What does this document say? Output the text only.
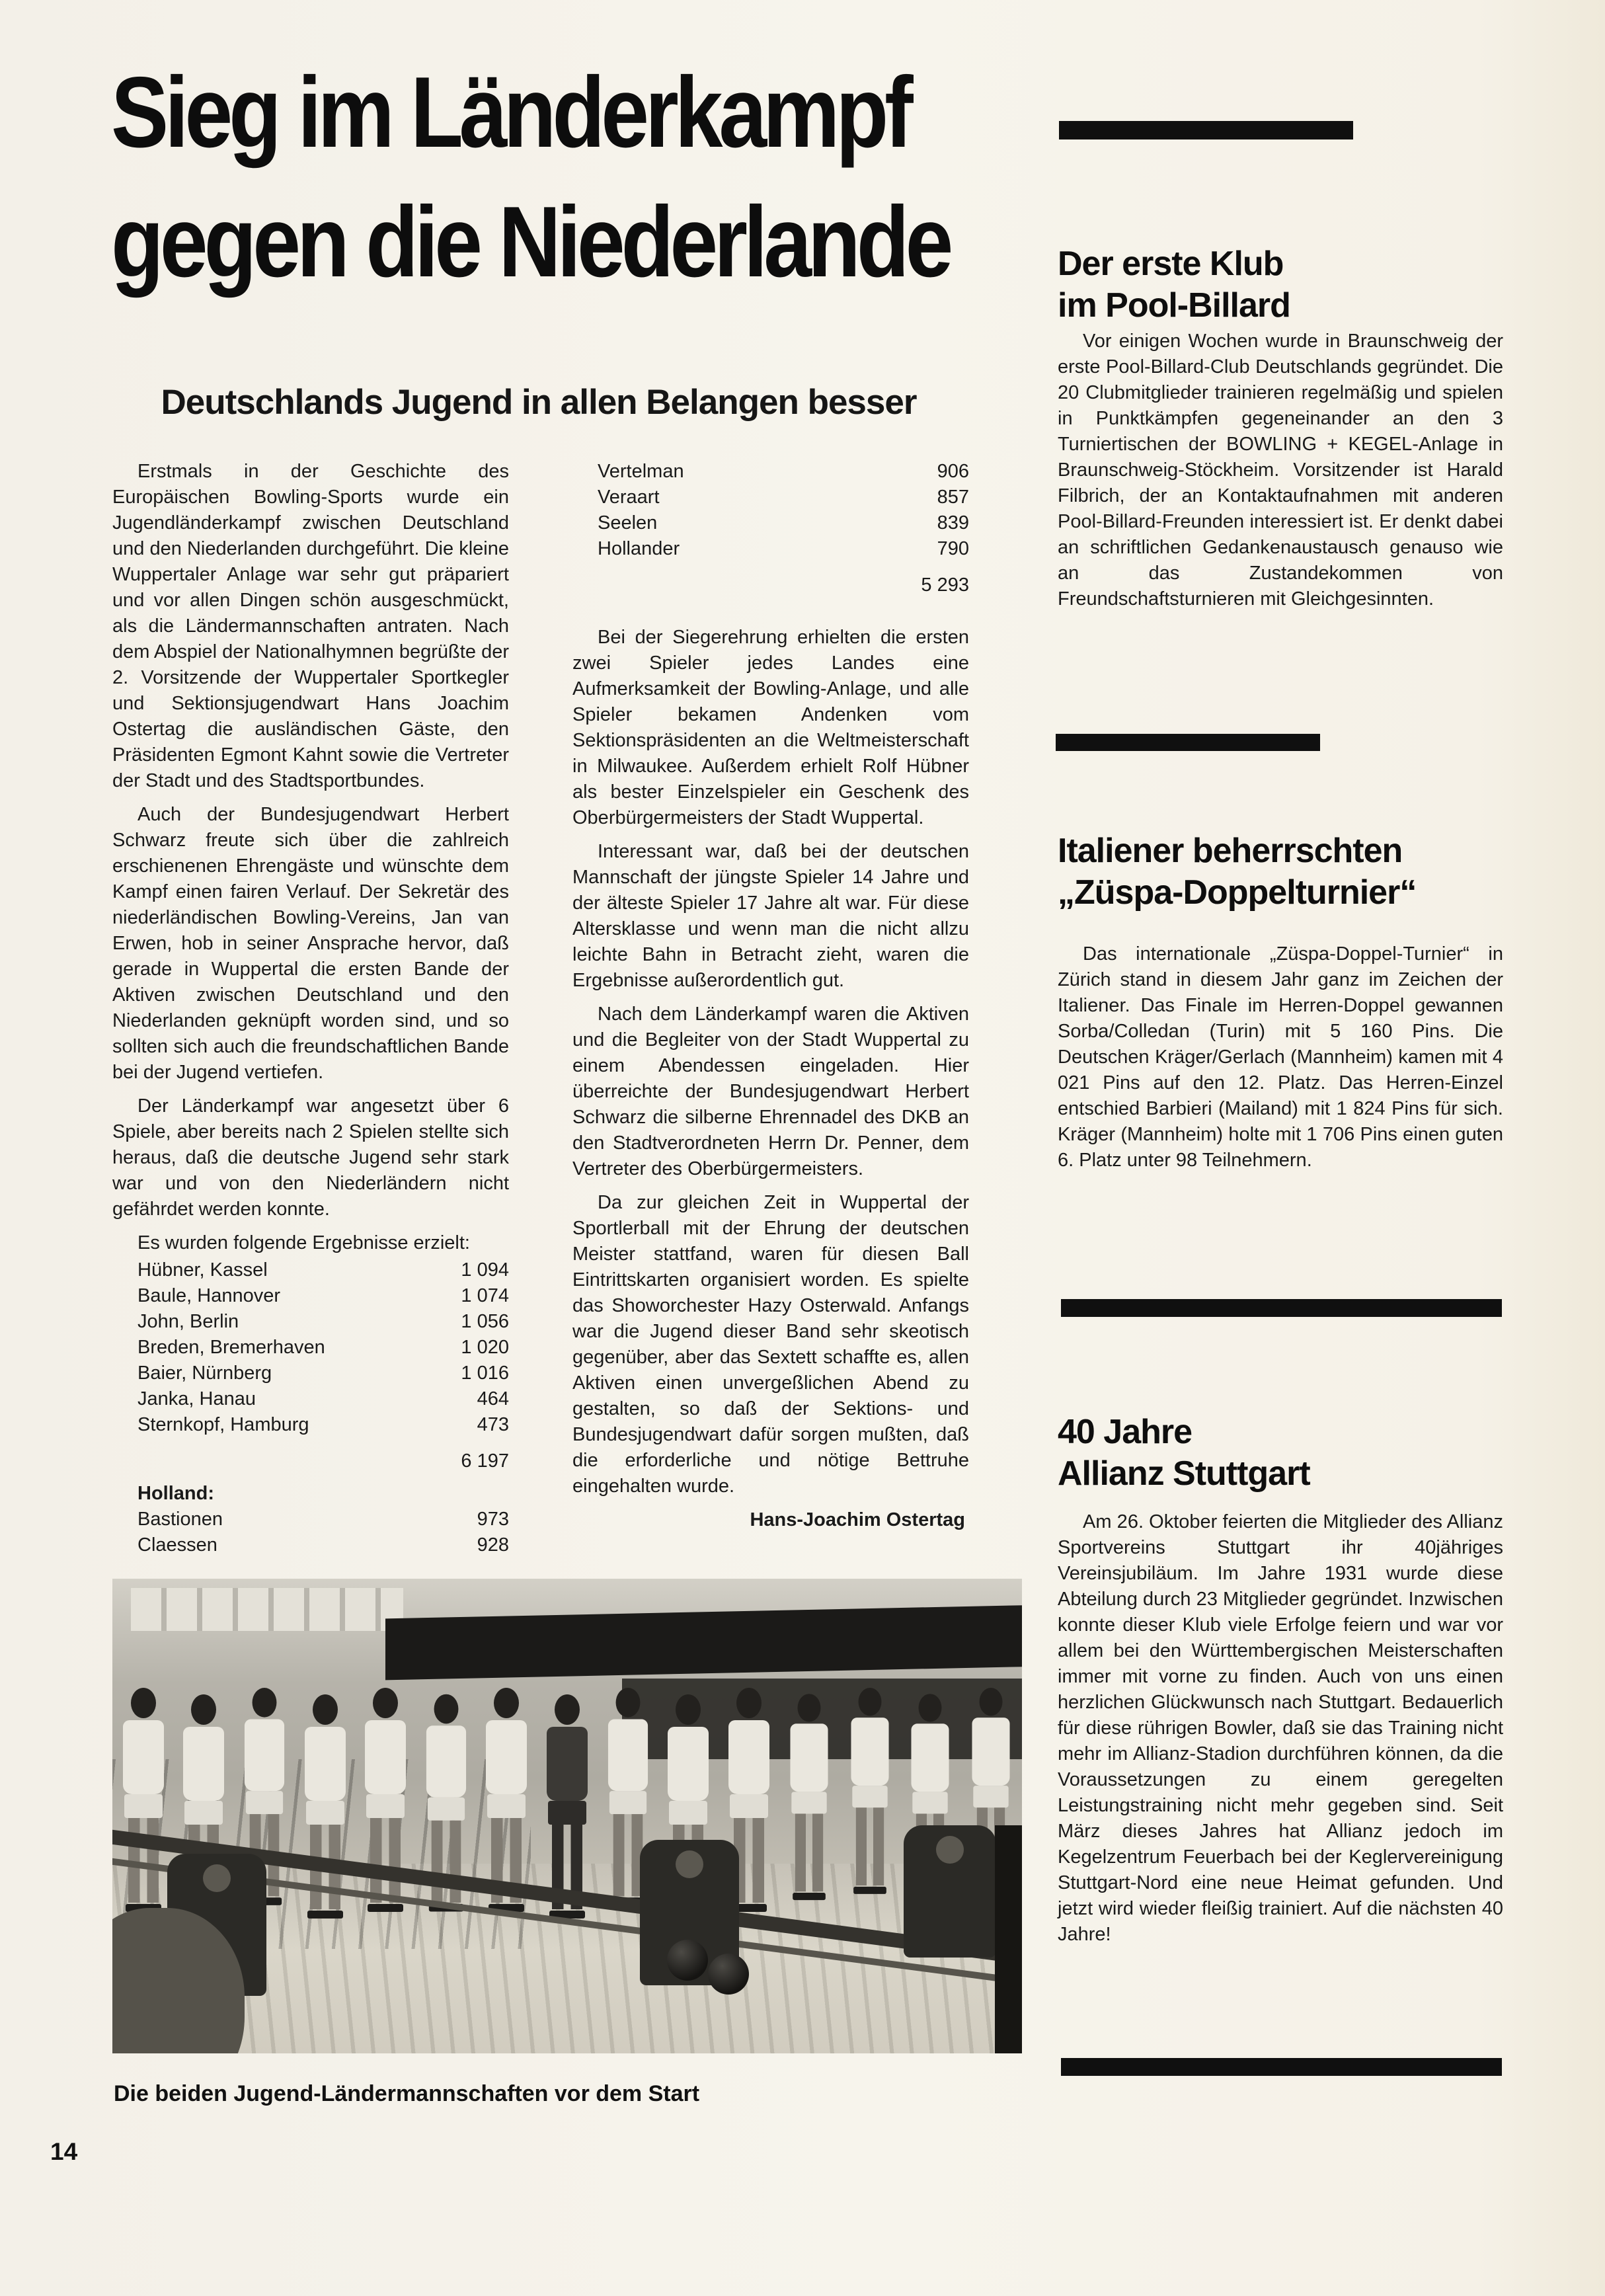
Sieg im Länderkampf
gegen die Niederlande
Deutschlands Jugend in allen Belangen besser

Erstmals in der Geschichte des Europäischen Bowling-Sports wurde ein Jugendländerkampf zwischen Deutschland und den Niederlanden durchgeführt. Die kleine Wuppertaler Anlage war sehr gut präpariert und vor allen Dingen schön ausgeschmückt, als die Ländermannschaften antraten. Nach dem Abspiel der Nationalhymnen begrüßte der 2. Vorsitzende der Wuppertaler Sportkegler und Sektionsjugendwart Hans Joachim Ostertag die ausländischen Gäste, den Präsidenten Egmont Kahnt sowie die Vertreter der Stadt und des Stadtsportbundes.

Auch der Bundesjugendwart Herbert Schwarz freute sich über die zahlreich erschienenen Ehrengäste und wünschte dem Kampf einen fairen Verlauf. Der Sekretär des niederländischen Bowling-Vereins, Jan van Erwen, hob in seiner Ansprache hervor, daß gerade in Wuppertal die ersten Bande der Aktiven zwischen Deutschland und den Niederlanden geknüpft worden sind, und so sollten sich auch die freundschaftlichen Bande bei der Jugend vertiefen.

Der Länderkampf war angesetzt über 6 Spiele, aber bereits nach 2 Spielen stellte sich heraus, daß die deutsche Jugend sehr stark war und von den Niederländern nicht gefährdet werden konnte.

Es wurden folgende Ergebnisse erzielt:

Hübner, Kassel	1 094
Baule, Hannover	1 074
John, Berlin	1 056
Breden, Bremerhaven	1 020
Baier, Nürnberg	1 016
Janka, Hanau	464
Sternkopf, Hamburg	473
6 197
Holland:
Bastionen	973
Claessen	928
Vertelman	906
Veraart	857
Seelen	839
Hollander	790
5 293

Bei der Siegerehrung erhielten die ersten zwei Spieler jedes Landes eine Aufmerksamkeit der Bowling-Anlage, und alle Spieler bekamen Andenken vom Sektionspräsidenten an die Weltmeisterschaft in Milwaukee. Außerdem erhielt Rolf Hübner als bester Einzelspieler ein Geschenk des Oberbürgermeisters der Stadt Wuppertal.

Interessant war, daß bei der deutschen Mannschaft der jüngste Spieler 14 Jahre und der älteste Spieler 17 Jahre alt war. Für diese Altersklasse und wenn man die nicht allzu leichte Bahn in Betracht zieht, waren die Ergebnisse außerordentlich gut.

Nach dem Länderkampf waren die Aktiven und die Begleiter von der Stadt Wuppertal zu einem Abendessen eingeladen. Hier überreichte der Bundesjugendwart Herbert Schwarz die silberne Ehrennadel des DKB an den Stadtverordneten Herrn Dr. Penner, dem Vertreter des Oberbürgermeisters.

Da zur gleichen Zeit in Wuppertal der Sportlerball mit der Ehrung der deutschen Meister stattfand, waren für diesen Ball Eintrittskarten organisiert worden. Es spielte das Showorchester Hazy Osterwald. Anfangs war die Jugend dieser Band sehr skeotisch gegenüber, aber das Sextett schaffte es, allen Aktiven einen unvergeßlichen Abend zu gestalten, so daß der Sektions- und Bundesjugendwart dafür sorgen mußten, daß die erforderliche und nötige Bettruhe eingehalten wurde.

Hans-Joachim Ostertag
Der erste Klub
im Pool-Billard
Vor einigen Wochen wurde in Braunschweig der erste Pool-Billard-Club Deutschlands gegründet. Die 20 Clubmitglieder trainieren regelmäßig und spielen in Punktkämpfen gegeneinander an den 3 Turniertischen der BOWLING + KEGEL-Anlage in Braunschweig-Stöckheim. Vorsitzender ist Harald Filbrich, der an Kontaktaufnahmen mit anderen Pool-Billard-Freunden interessiert ist. Er denkt dabei an schriftlichen Gedankenaustausch genauso wie an das Zustandekommen von Freundschaftsturnieren mit Gleichgesinnten.
Italiener beherrschten
„Züspa-Doppelturnier“
Das internationale „Züspa-Doppel-Turnier“ in Zürich stand in diesem Jahr ganz im Zeichen der Italiener. Das Finale im Herren-Doppel gewannen Sorba/Colledan (Turin) mit 5 160 Pins. Die Deutschen Kräger/Gerlach (Mannheim) kamen mit 4 021 Pins auf den 12. Platz. Das Herren-Einzel entschied Barbieri (Mailand) mit 1 824 Pins für sich. Kräger (Mannheim) holte mit 1 706 Pins einen guten 6. Platz unter 98 Teilnehmern.
40 Jahre
Allianz Stuttgart
Am 26. Oktober feierten die Mitglieder des Allianz Sportvereins Stuttgart ihr 40jähriges Vereinsjubiläum. Im Jahre 1931 wurde diese Abteilung durch 23 Mitglieder gegründet. Inzwischen konnte dieser Klub viele Erfolge feiern und war vor allem bei den Württembergischen Meisterschaften immer mit vorne zu finden. Auch von uns einen herzlichen Glückwunsch nach Stuttgart. Bedauerlich für diese rührigen Bowler, daß sie das Training nicht mehr im Allianz-Stadion durchführen können, da die Voraussetzungen zu einem geregelten Leistungstraining nicht mehr gegeben sind. Seit März dieses Jahres hat Allianz jedoch im Kegelzentrum Feuerbach bei der Keglervereinigung Stuttgart-Nord eine neue Heimat gefunden. Und jetzt wird wieder fleißig trainiert. Auf die nächsten 40 Jahre!
Die beiden Jugend-Ländermannschaften vor dem Start
14
